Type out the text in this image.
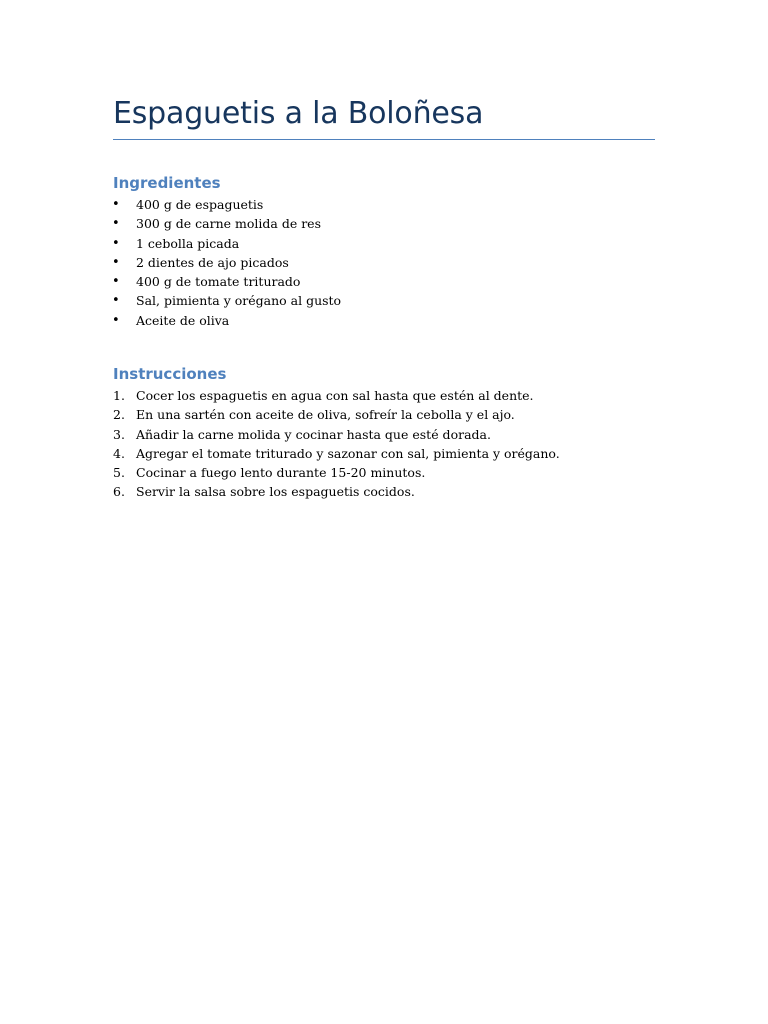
Espaguetis a la Boloñesa
Ingredientes
• 400 g de espaguetis
• 300 g de carne molida de res
• 1 cebolla picada
• 2 dientes de ajo picados
• 400 g de tomate triturado
• Sal, pimienta y orégano al gusto
• Aceite de oliva
Instrucciones
1. Cocer los espaguetis en agua con sal hasta que estén al dente.
2. En una sartén con aceite de oliva, sofreír la cebolla y el ajo.
3. Añadir la carne molida y cocinar hasta que esté dorada.
4. Agregar el tomate triturado y sazonar con sal, pimienta y orégano.
5. Cocinar a fuego lento durante 15-20 minutos.
6. Servir la salsa sobre los espaguetis cocidos.
